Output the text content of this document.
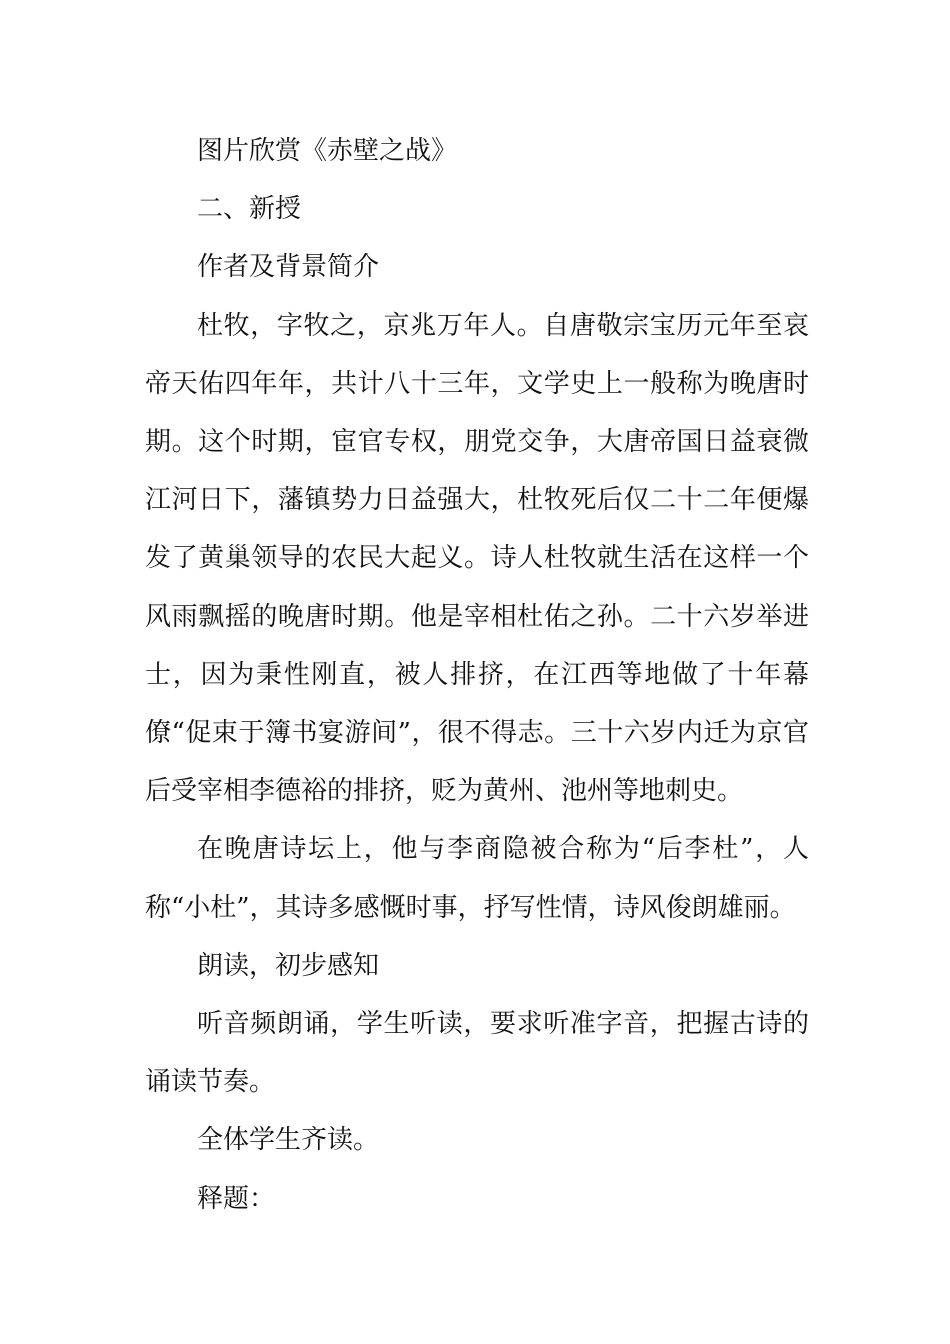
图片欣赏《赤壁之战》

二、新授

作者及背景简介

杜牧，字牧之，京兆万年人。自唐敬宗宝历元年至哀帝天佑四年年，共计八十三年，文学史上一般称为晚唐时期。这个时期，宦官专权，朋党交争，大唐帝国日益衰微江河日下，藩镇势力日益强大，杜牧死后仅二十二年便爆发了黄巢领导的农民大起义。诗人杜牧就生活在这样一个风雨飘摇的晚唐时期。他是宰相杜佑之孙。二十六岁举进士，因为秉性刚直，被人排挤，在江西等地做了十年幕僚“促束于簿书宴游间”，很不得志。三十六岁内迁为京官后受宰相李德裕的排挤，贬为黄州、池州等地刺史。

在晚唐诗坛上，他与李商隐被合称为“后李杜”，人称“小杜”，其诗多感慨时事，抒写性情，诗风俊朗雄丽。

朗读，初步感知

听音频朗诵，学生听读，要求听准字音，把握古诗的诵读节奏。

全体学生齐读。

释题：
